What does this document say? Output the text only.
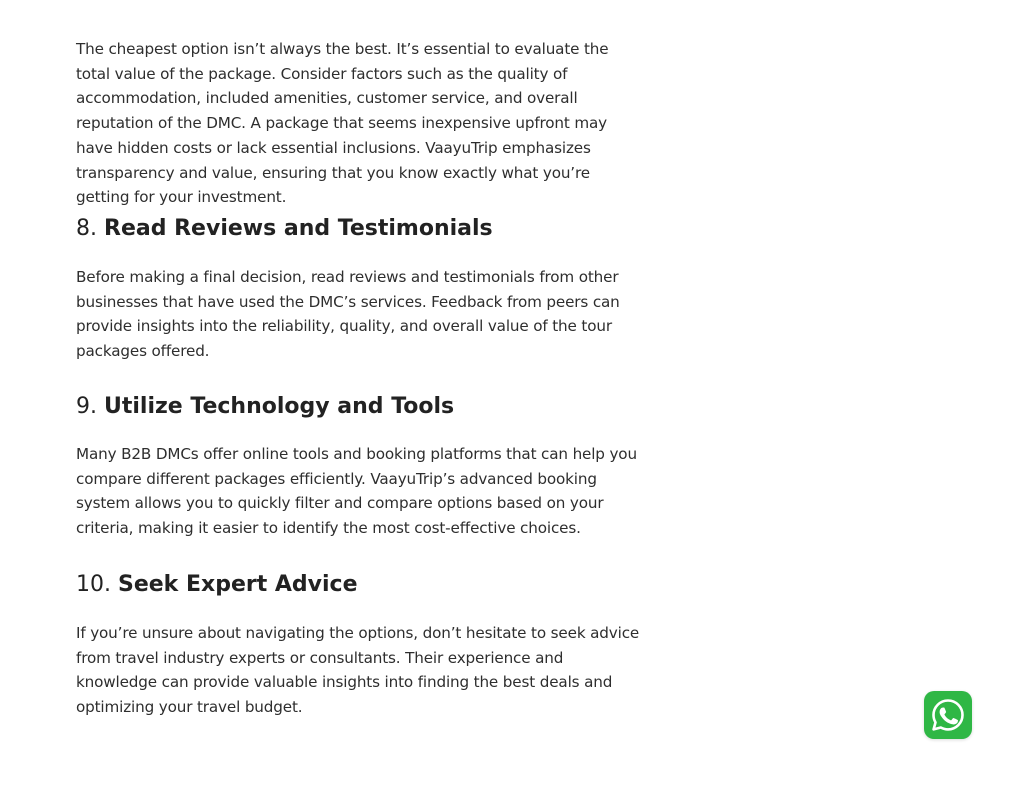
The cheapest option isn’t always the best. It’s essential to evaluate the total value of the package. Consider factors such as the quality of accommodation, included amenities, customer service, and overall reputation of the DMC. A package that seems inexpensive upfront may have hidden costs or lack essential inclusions. VaayuTrip emphasizes transparency and value, ensuring that you know exactly what you’re getting for your investment.

8. Read Reviews and Testimonials

Before making a final decision, read reviews and testimonials from other businesses that have used the DMC’s services. Feedback from peers can provide insights into the reliability, quality, and overall value of the tour packages offered.

9. Utilize Technology and Tools

Many B2B DMCs offer online tools and booking platforms that can help you compare different packages efficiently. VaayuTrip’s advanced booking system allows you to quickly filter and compare options based on your criteria, making it easier to identify the most cost-effective choices.

10. Seek Expert Advice

If you’re unsure about navigating the options, don’t hesitate to seek advice from travel industry experts or consultants. Their experience and knowledge can provide valuable insights into finding the best deals and optimizing your travel budget.
